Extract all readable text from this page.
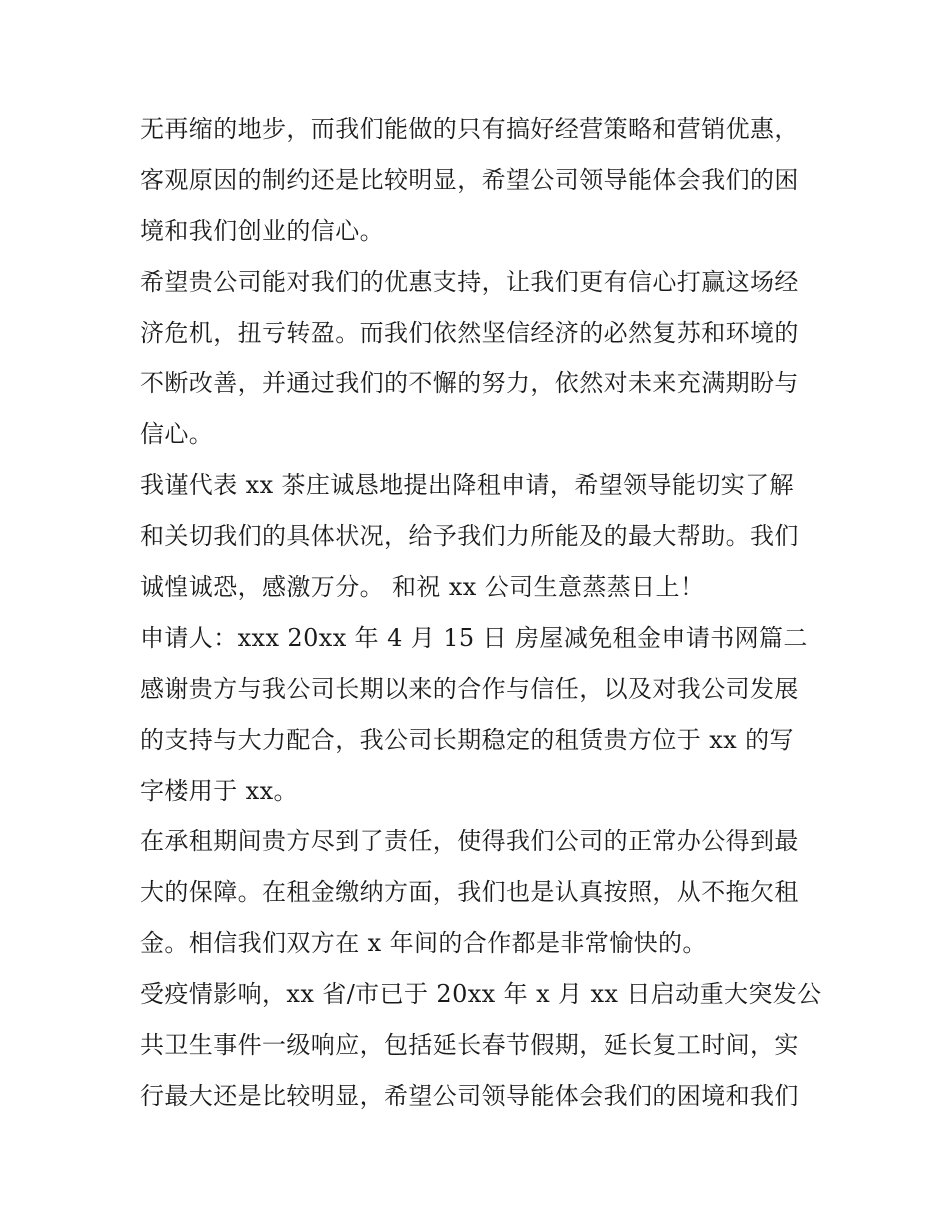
无再缩的地步，而我们能做的只有搞好经营策略和营销优惠，
客观原因的制约还是比较明显，希望公司领导能体会我们的困
境和我们创业的信心。
希望贵公司能对我们的优惠支持，让我们更有信心打赢这场经
济危机，扭亏转盈。而我们依然坚信经济的必然复苏和环境的
不断改善，并通过我们的不懈的努力，依然对未来充满期盼与
信心。
我谨代表 xx 茶庄诚恳地提出降租申请，希望领导能切实了解
和关切我们的具体状况，给予我们力所能及的最大帮助。我们
诚惶诚恐，感激万分。 和祝 xx 公司生意蒸蒸日上！
申请人：xxx 20xx 年 4 月 15 日 房屋减免租金申请书网篇二
感谢贵方与我公司长期以来的合作与信任，以及对我公司发展
的支持与大力配合，我公司长期稳定的租赁贵方位于 xx 的写
字楼用于 xx。
在承租期间贵方尽到了责任，使得我们公司的正常办公得到最
大的保障。在租金缴纳方面，我们也是认真按照，从不拖欠租
金。相信我们双方在 x 年间的合作都是非常愉快的。
受疫情影响，xx 省/市已于 20xx 年 x 月 xx 日启动重大突发公
共卫生事件一级响应，包括延长春节假期，延长复工时间，实
行最大还是比较明显，希望公司领导能体会我们的困境和我们
